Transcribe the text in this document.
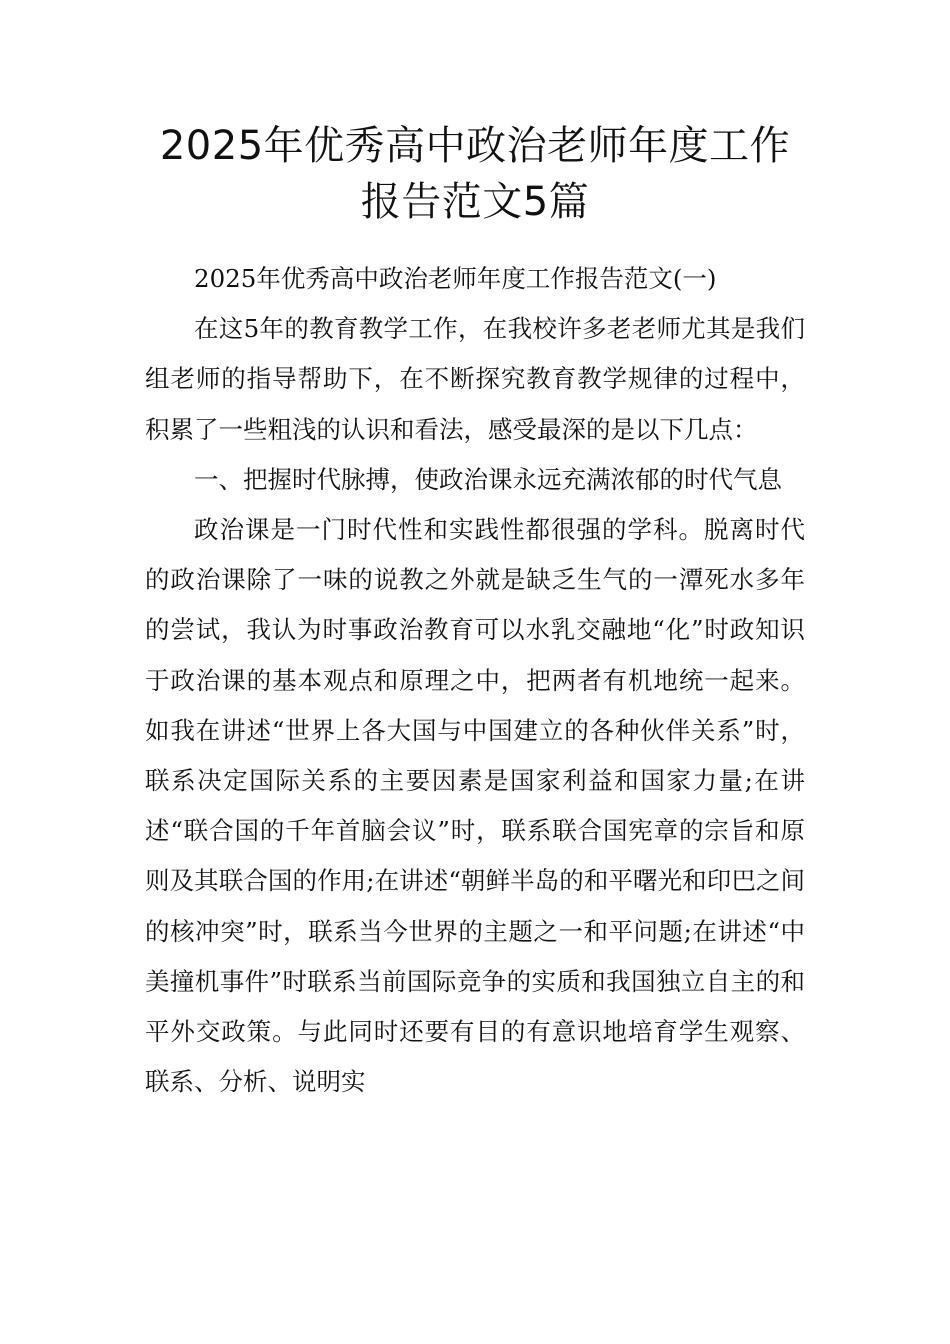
2025年优秀高中政治老师年度工作报告范文5篇

2025年优秀高中政治老师年度工作报告范文(一)

在这5年的教育教学工作，在我校许多老老师尤其是我们组老师的指导帮助下，在不断探究教育教学规律的过程中，积累了一些粗浅的认识和看法，感受最深的是以下几点：

一、把握时代脉搏，使政治课永远充满浓郁的时代气息

政治课是一门时代性和实践性都很强的学科。脱离时代的政治课除了一味的说教之外就是缺乏生气的一潭死水多年的尝试，我认为时事政治教育可以水乳交融地“化”时政知识于政治课的基本观点和原理之中，把两者有机地统一起来。如我在讲述“世界上各大国与中国建立的各种伙伴关系”时，联系决定国际关系的主要因素是国家利益和国家力量;在讲述“联合国的千年首脑会议”时，联系联合国宪章的宗旨和原则及其联合国的作用;在讲述“朝鲜半岛的和平曙光和印巴之间的核冲突”时，联系当今世界的主题之一和平问题;在讲述“中美撞机事件”时联系当前国际竞争的实质和我国独立自主的和平外交政策。与此同时还要有目的有意识地培育学生观察、联系、分析、说明实
